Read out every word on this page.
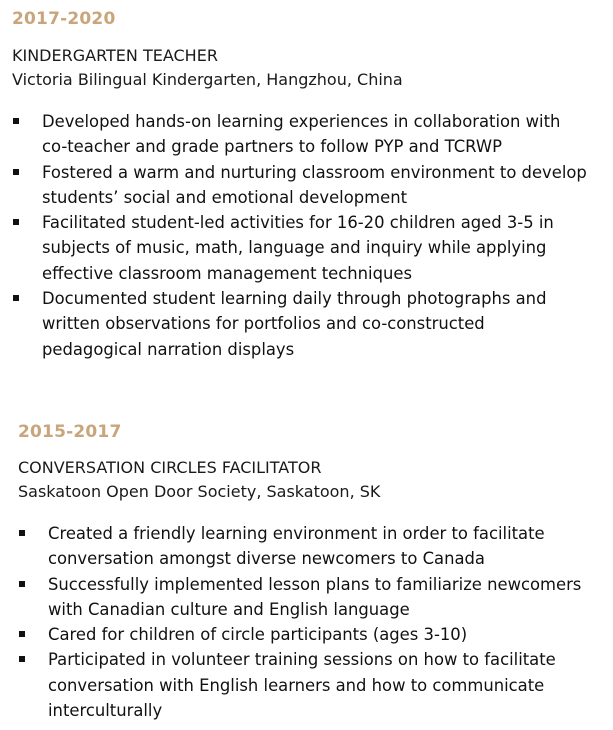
2017-2020

KINDERGARTEN TEACHER

Victoria Bilingual Kindergarten, Hangzhou, China

Developed hands-on learning experiences in collaboration with co-teacher and grade partners to follow PYP and TCRWP
Fostered a warm and nurturing classroom environment to develop students’ social and emotional development
Facilitated student-led activities for 16-20 children aged 3-5 in subjects of music, math, language and inquiry while applying effective classroom management techniques
Documented student learning daily through photographs and written observations for portfolios and co-constructed pedagogical narration displays

2015-2017

CONVERSATION CIRCLES FACILITATOR

Saskatoon Open Door Society, Saskatoon, SK

Created a friendly learning environment in order to facilitate conversation amongst diverse newcomers to Canada
Successfully implemented lesson plans to familiarize newcomers with Canadian culture and English language
Cared for children of circle participants (ages 3-10)
Participated in volunteer training sessions on how to facilitate conversation with English learners and how to communicate interculturally
